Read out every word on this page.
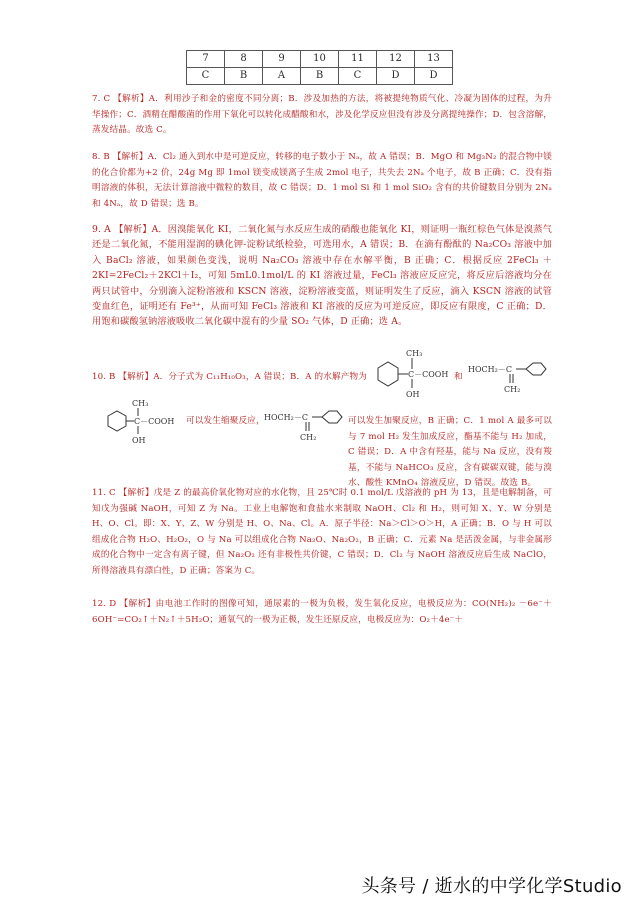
7	8	9	10	11	12	13
C	B	A	B	C	D	D
7. C 【解析】A．利用沙子和金的密度不同分离；B．涉及加热的方法，将被提纯物质气化、冷凝为固体的过程，为升华操作；C．酒精在醋酸菌的作用下氧化可以转化成醋酸和水，涉及化学反应但没有涉及分离提纯操作；D．包含溶解，蒸发结晶。故选 C。
8. B 【解析】A．Cl₂ 通入到水中是可逆反应，转移的电子数小于 Nₐ，故 A 错误；B．MgO 和 Mg₃N₂ 的混合物中镁的化合价都为+2 价，24g Mg 即 1mol 镁变成镁离子生成 2mol 电子，共失去 2Nₐ 个电子，故 B 正确；C．没有指明溶液的体积，无法计算溶液中微粒的数目，故 C 错误；D．1 mol Si 和 1 mol SiO₂ 含有的共价键数目分别为 2Nₐ 和 4Nₐ，故 D 错误；选 B。
9. A 【解析】A．因溴能氧化 KI，二氧化氮与水反应生成的硝酸也能氧化 KI，则证明一瓶红棕色气体是溴蒸气还是二氧化氮，不能用湿润的碘化钾-淀粉试纸检验，可选用水，A 错误；B．在滴有酚酞的 Na₂CO₃ 溶液中加入 BaCl₂ 溶液，如果颜色变浅，说明 Na₂CO₃ 溶液中存在水解平衡，B 正确；C．根据反应 2FeCl₃ ＋2KI=2FeCl₂＋2KCl＋I₂，可知 5mL0.1mol/L 的 KI 溶液过量，FeCl₃ 溶液应反应完，将反应后溶液均分在两只试管中，分别滴入淀粉溶液和 KSCN 溶液，淀粉溶液变蓝，则证明发生了反应，滴入 KSCN 溶液的试管变血红色，证明还有 Fe³⁺，从而可知 FeCl₃ 溶液和 KI 溶液的反应为可逆反应，即反应有限度，C 正确；D．用饱和碳酸氢钠溶液吸收二氧化碳中混有的少量 SO₂ 气体，D 正确；选 A。
10. B 【解析】A．分子式为 C₁₁H₁₀O₃，A 错误；B．A 的水解产物为
CH₃
C－COOH
OH
和
HOCH₂－C
CH₂
CH₃
C－COOH
OH
可以发生缩聚反应， HOCH₂－C
CH₂
可以发生加聚反应，B 正确；C．1 mol A 最多可以与 7 mol H₂ 发生加成反应，酯基不能与 H₂ 加成，C 错误；D．A 中含有羟基，能与 Na 反应，没有羧基，不能与 NaHCO₃ 反应，含有碳碳双键，能与溴水、酸性 KMnO₄ 溶液反应，D 错误。故选 B。
11. C 【解析】戊是 Z 的最高价氧化物对应的水化物，且 25℃时 0.1 mol/L 戊溶液的 pH 为 13，且是电解制备，可知戊为强碱 NaOH，可知 Z 为 Na。工业上电解饱和食盐水来制取 NaOH、Cl₂ 和 H₂，则可知 X、Y、W 分别是 H、O、Cl。即：X、Y、Z、W 分别是 H、O、Na、Cl。A．原子半径：Na＞Cl＞O＞H，A 正确；B．O 与 H 可以组成化合物 H₂O、H₂O₂，O 与 Na 可以组成化合物 Na₂O、Na₂O₂，B 正确；C．元素 Na 是活泼金属，与非金属形成的化合物中一定含有离子键，但 Na₂O₂ 还有非极性共价键，C 错误；D．Cl₂ 与 NaOH 溶液反应后生成 NaClO，所得溶液具有漂白性，D 正确；答案为 C。
12. D 【解析】由电池工作时的图像可知，通尿素的一极为负极，发生氧化反应，电极反应为：CO(NH₂)₂ －6e⁻＋6OH⁻=CO₂↑＋N₂↑＋5H₂O；通氧气的一极为正极，发生还原反应，电极反应为：O₂＋4e⁻＋
头条号 / 逝水的中学化学Studio
